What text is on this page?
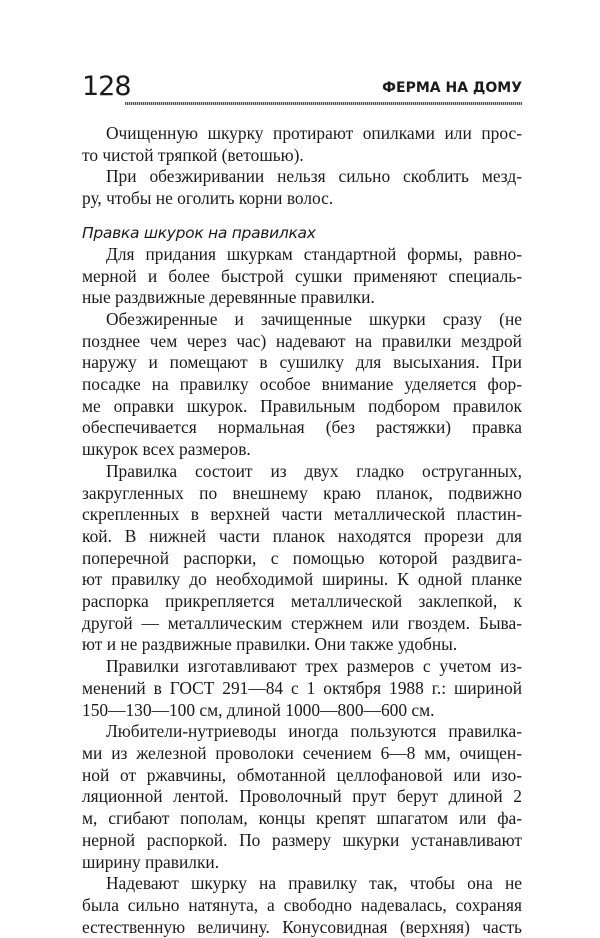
128	ФЕРМА НА ДОМУ

Очищенную шкурку протирают опилками или прос-
то чистой тряпкой (ветошью).

При обезжиривании нельзя сильно скоблить мезд-
ру, чтобы не оголить корни волос.

Правка шкурок на правилках

Для придания шкуркам стандартной формы, равно-
мерной и более быстрой сушки применяют специаль-
ные раздвижные деревянные правилки.

Обезжиренные и зачищенные шкурки сразу (не
позднее чем через час) надевают на правилки мездрой
наружу и помещают в сушилку для высыхания. При
посадке на правилку особое внимание уделяется фор-
ме оправки шкурок. Правильным подбором правилок
обеспечивается нормальная (без растяжки) правка
шкурок всех размеров.

Правилка состоит из двух гладко оструганных,
закругленных по внешнему краю планок, подвижно
скрепленных в верхней части металлической пластин-
кой. В нижней части планок находятся прорези для
поперечной распорки, с помощью которой раздвига-
ют правилку до необходимой ширины. К одной планке
распорка прикрепляется металлической заклепкой, к
другой — металлическим стержнем или гвоздем. Быва-
ют и не раздвижные правилки. Они также удобны.

Правилки изготавливают трех размеров с учетом из-
менений в ГОСТ 291—84 с 1 октября 1988 г.: шириной
150—130—100 см, длиной 1000—800—600 см.

Любители-нутриеводы иногда пользуются правилка-
ми из железной проволоки сечением 6—8 мм, очищен-
ной от ржавчины, обмотанной целлофановой или изо-
ляционной лентой. Проволочный прут берут длиной 2
м, сгибают пополам, концы крепят шпагатом или фа-
нерной распоркой. По размеру шкурки устанавливают
ширину правилки.

Надевают шкурку на правилку так, чтобы она не
была сильно натянута, а свободно надевалась, сохраняя
естественную величину. Конусовидная (верхняя) часть
